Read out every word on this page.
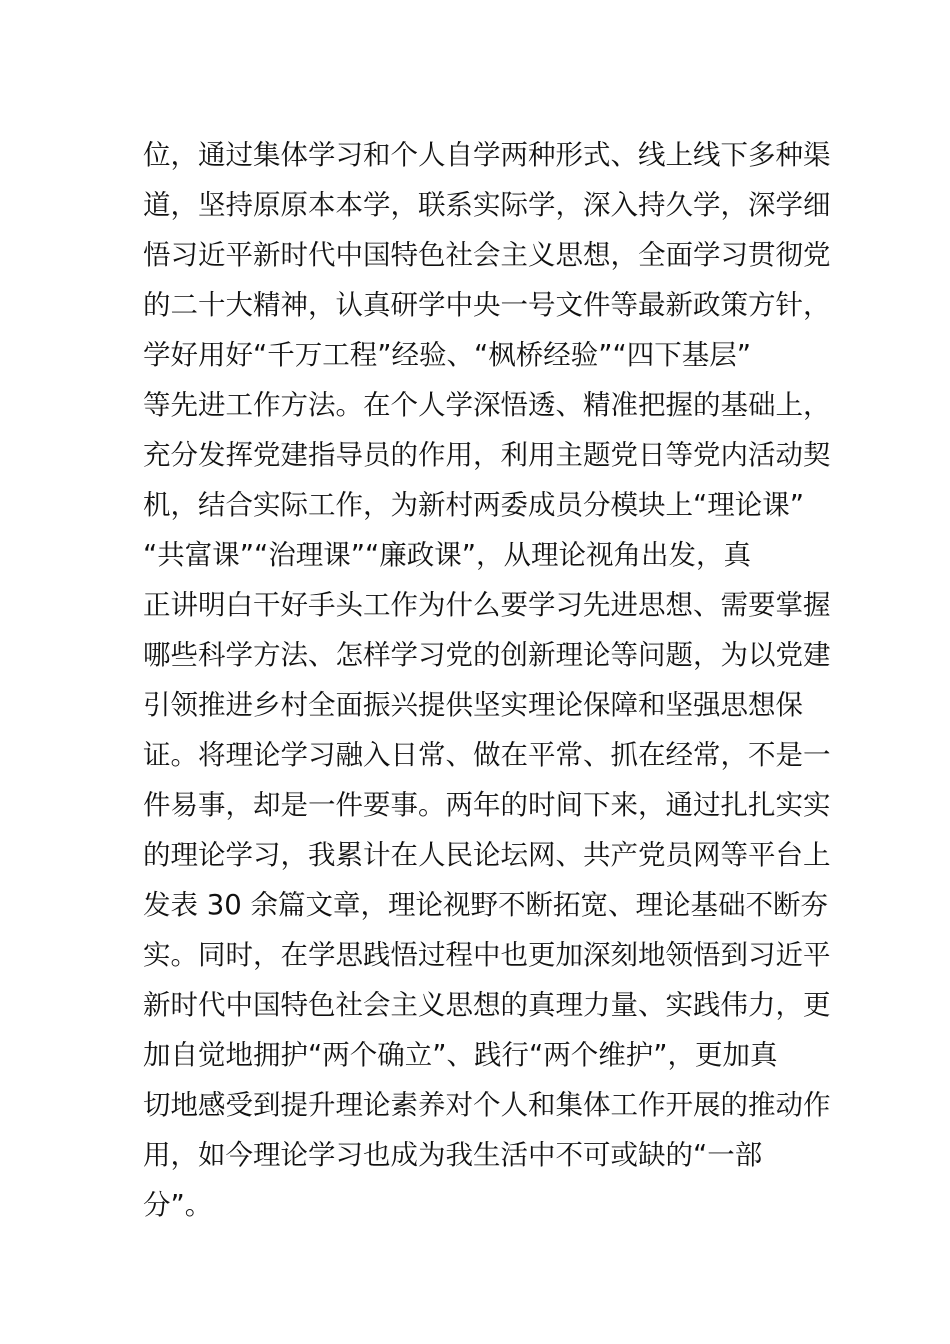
位，通过集体学习和个人自学两种形式、线上线下多种渠
道，坚持原原本本学，联系实际学，深入持久学，深学细
悟习近平新时代中国特色社会主义思想，全面学习贯彻党
的二十大精神，认真研学中央一号文件等最新政策方针，
学好用好“千万工程”经验、“枫桥经验”“四下基层”
等先进工作方法。在个人学深悟透、精准把握的基础上，
充分发挥党建指导员的作用，利用主题党日等党内活动契
机，结合实际工作，为新村两委成员分模块上“理论课”
“共富课”“治理课”“廉政课”，从理论视角出发，真
正讲明白干好手头工作为什么要学习先进思想、需要掌握
哪些科学方法、怎样学习党的创新理论等问题，为以党建
引领推进乡村全面振兴提供坚实理论保障和坚强思想保
证。将理论学习融入日常、做在平常、抓在经常，不是一
件易事，却是一件要事。两年的时间下来，通过扎扎实实
的理论学习，我累计在人民论坛网、共产党员网等平台上
发表 30 余篇文章，理论视野不断拓宽、理论基础不断夯
实。同时，在学思践悟过程中也更加深刻地领悟到习近平
新时代中国特色社会主义思想的真理力量、实践伟力，更
加自觉地拥护“两个确立”、践行“两个维护”，更加真
切地感受到提升理论素养对个人和集体工作开展的推动作
用，如今理论学习也成为我生活中不可或缺的“一部
分”。
